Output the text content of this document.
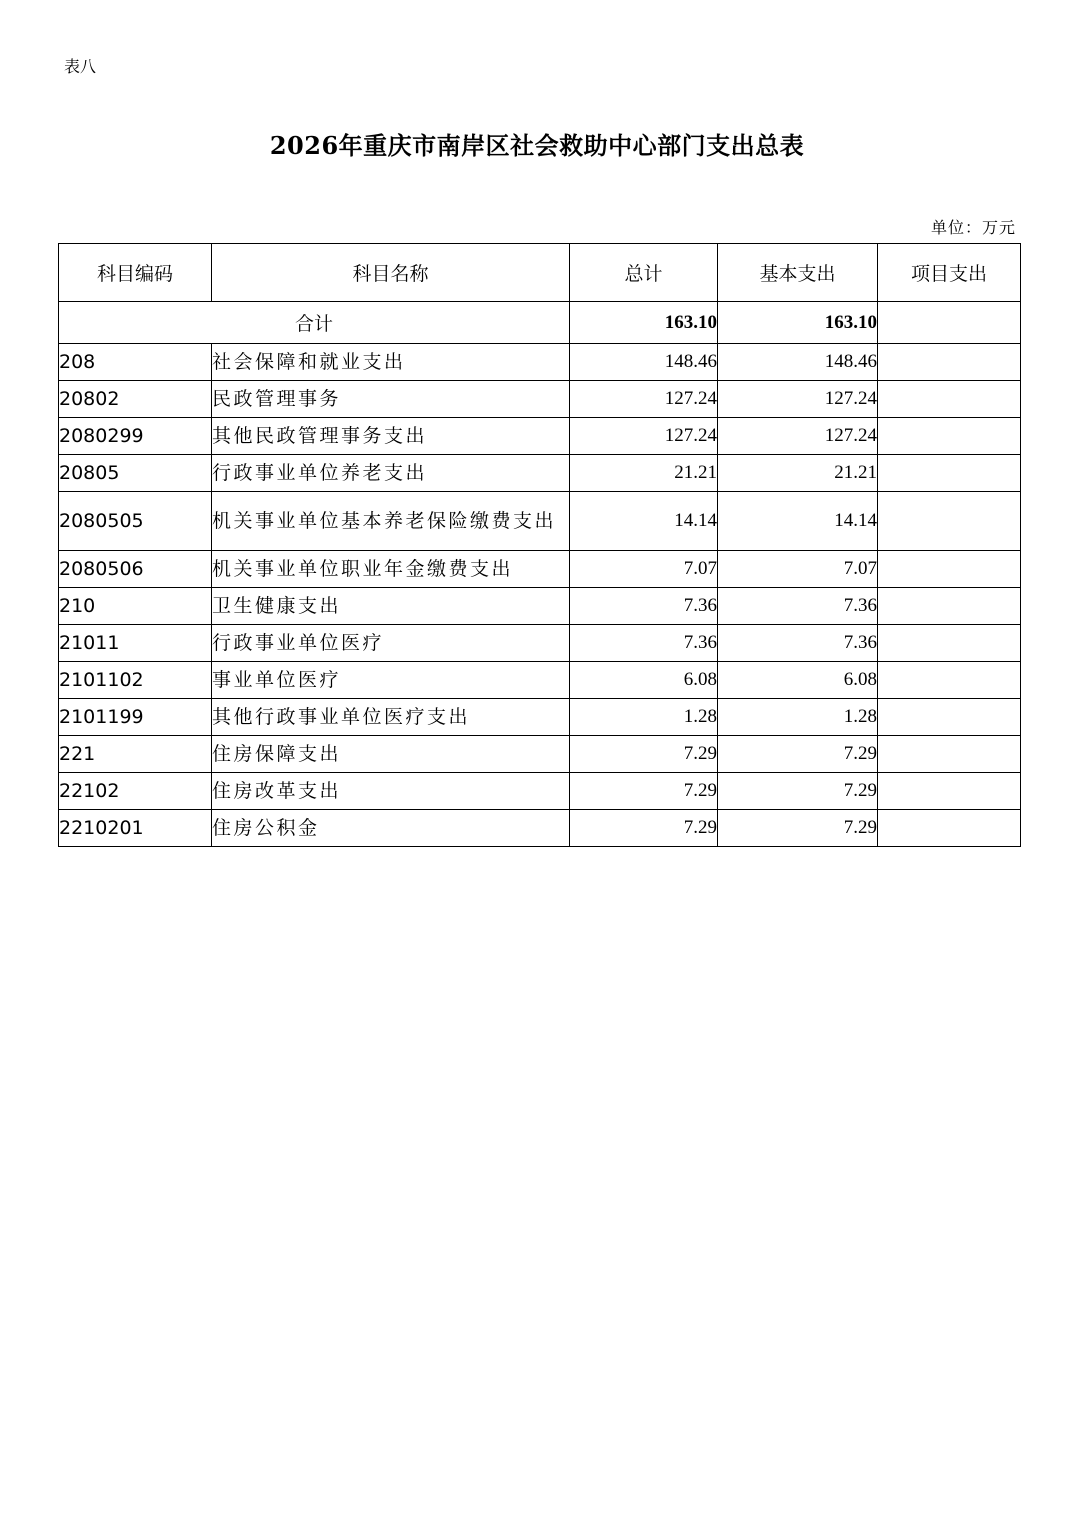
表八
2026年重庆市南岸区社会救助中心部门支出总表
单位：万元
科目编码	科目名称	总计	基本支出	项目支出
合计		163.10	163.10	
208	社会保障和就业支出	148.46	148.46	
20802	民政管理事务	127.24	127.24	
2080299	其他民政管理事务支出	127.24	127.24	
20805	行政事业单位养老支出	21.21	21.21	
2080505	机关事业单位基本养老保险缴费支出	14.14	14.14	
2080506	机关事业单位职业年金缴费支出	7.07	7.07	
210	卫生健康支出	7.36	7.36	
21011	行政事业单位医疗	7.36	7.36	
2101102	事业单位医疗	6.08	6.08	
2101199	其他行政事业单位医疗支出	1.28	1.28	
221	住房保障支出	7.29	7.29	
22102	住房改革支出	7.29	7.29	
2210201	住房公积金	7.29	7.29	
